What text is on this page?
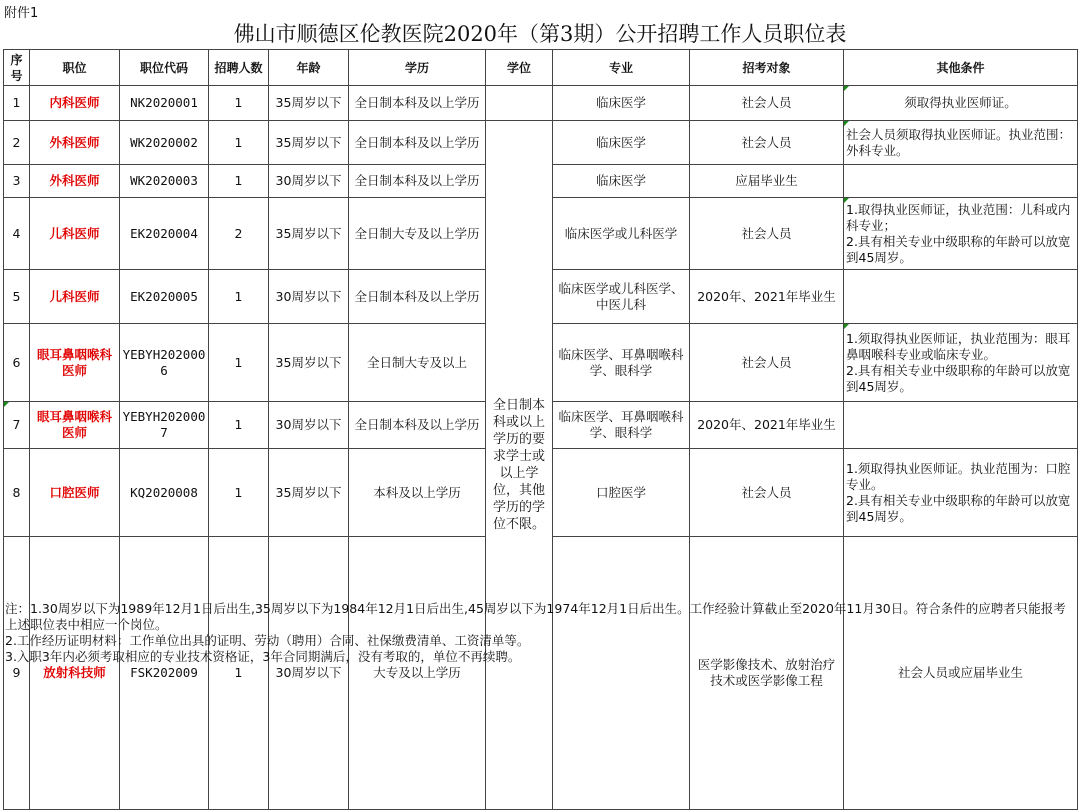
附件1
佛山市顺德区伦教医院2020年（第3期）公开招聘工作人员职位表
序号	职位	职位代码	招聘人数	年龄	学历	学位	专业	招考对象	其他条件	
1	内科医师	NK2020001	1	35周岁以下	全日制本科及以上学历		临床医学	社会人员	须取得执业医师证。	
2	外科医师	WK2020002	1	35周岁以下	全日制本科及以上学历	全日制本科或以上学历的要求学士或以上学位，其他学历的学位不限。	临床医学	社会人员	社会人员须取得执业医师证。执业范围：外科专业。	
3	外科医师	WK2020003	1	30周岁以下	全日制本科及以上学历		临床医学	应届毕业生		
4	儿科医师	EK2020004	2	35周岁以下	全日制大专及以上学历		临床医学或儿科医学	社会人员	1.取得执业医师证，执业范围：儿科或内科专业；
2.具有相关专业中级职称的年龄可以放宽到45周岁。	
5	儿科医师	EK2020005	1	30周岁以下	全日制本科及以上学历		临床医学或儿科医学、中医儿科	2020年、2021年毕业生		
6	眼耳鼻咽喉科医师	YEBYH2020006	1	35周岁以下	全日制大专及以上		临床医学、耳鼻咽喉科学、眼科学	社会人员	1.须取得执业医师证，执业范围为：眼耳鼻咽喉科专业或临床专业。
2.具有相关专业中级职称的年龄可以放宽到45周岁。	
7	眼耳鼻咽喉科医师	YEBYH2020007	1	30周岁以下	全日制本科及以上学历		临床医学、耳鼻咽喉科学、眼科学	2020年、2021年毕业生		
8	口腔医师	KQ2020008	1	35周岁以下	本科及以上学历		口腔医学	社会人员	1.须取得执业医师证。执业范围为：口腔专业。
2.具有相关专业中级职称的年龄可以放宽到45周岁。	
9	放射科技师	FSK202009	1	30周岁以下	大专及以上学历			医学影像技术、放射治疗技术或医学影像工程	社会人员或应届毕业生	
注：1.30周岁以下为1989年12月1日后出生,35周岁以下为1984年12月1日后出生,45周岁以下为1974年12月1日后出生。工作经验计算截止至2020年11月30日。符合条件的应聘者只能报考上述职位表中相应一个岗位。
2.工作经历证明材料：工作单位出具的证明、劳动（聘用）合同、社保缴费清单、工资清单等。
3.入职3年内必须考取相应的专业技术资格证，3年合同期满后，没有考取的，单位不再续聘。
